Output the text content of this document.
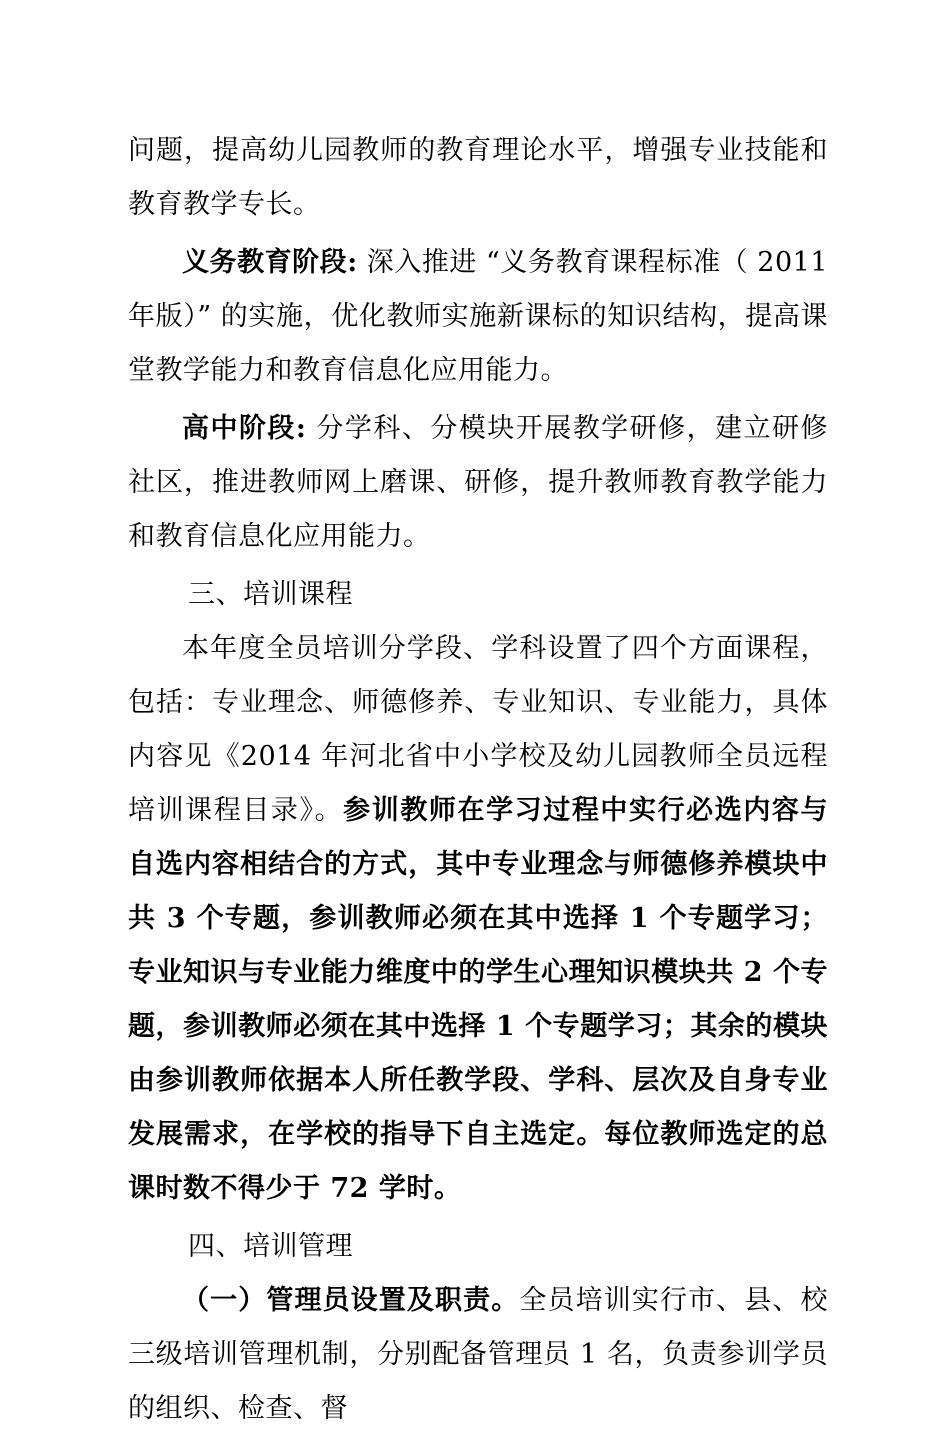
问题，提高幼儿园教师的教育理论水平，增强专业技能和教育教学专长。

义务教育阶段: 深入推进 “义务教育课程标准（ 2011 年版）” 的实施，优化教师实施新课标的知识结构，提高课堂教学能力和教育信息化应用能力。

高中阶段: 分学科、分模块开展教学研修，建立研修社区，推进教师网上磨课、研修，提升教师教育教学能力和教育信息化应用能力。

三、培训课程

本年度全员培训分学段、学科设置了四个方面课程，包括：专业理念、师德修养、专业知识、专业能力，具体内容见《2014 年河北省中小学校及幼儿园教师全员远程培训课程目录》。参训教师在学习过程中实行必选内容与自选内容相结合的方式，其中专业理念与师德修养模块中共 3 个专题，参训教师必须在其中选择 1 个专题学习； 专业知识与专业能力维度中的学生心理知识模块共 2 个专题，参训教师必须在其中选择 1 个专题学习；其余的模块由参训教师依据本人所任教学段、学科、层次及自身专业发展需求，在学校的指导下自主选定。每位教师选定的总课时数不得少于 72 学时。

四、培训管理

（一）管理员设置及职责。全员培训实行市、县、校三级培训管理机制，分别配备管理员 1 名，负责参训学员的组织、检查、督
